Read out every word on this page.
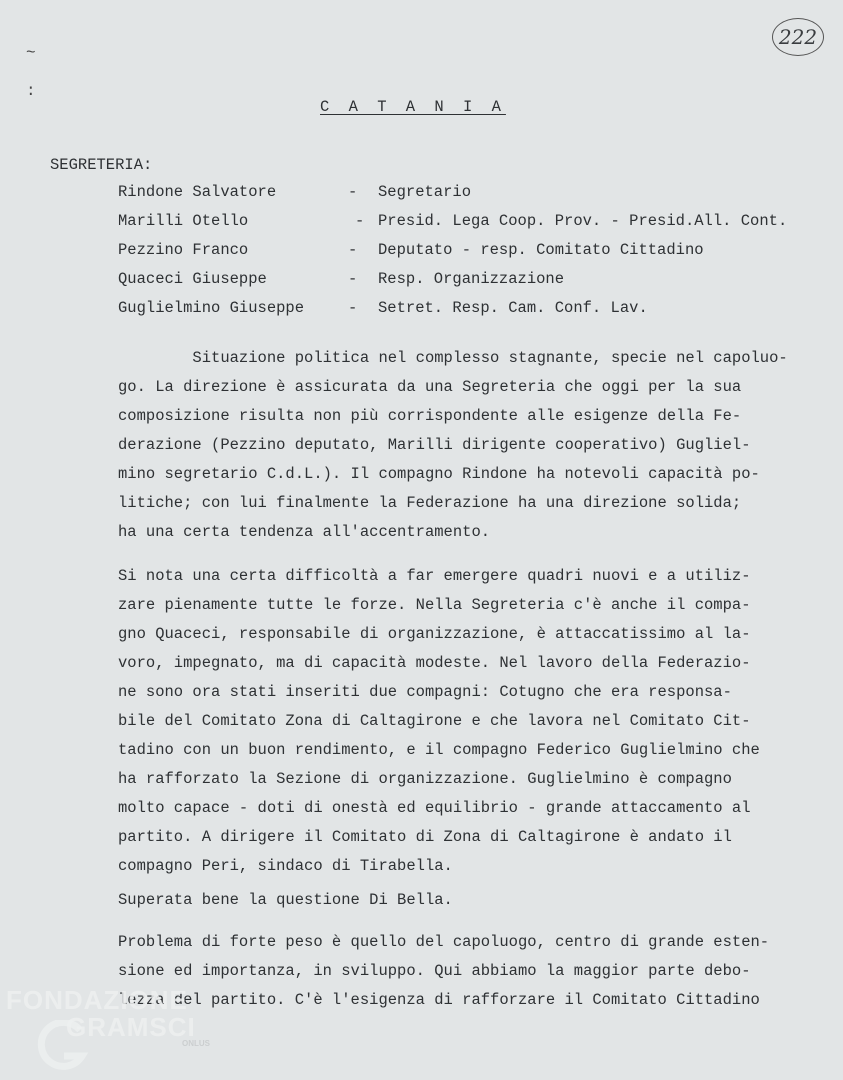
~
:
222
C A T A N I A
SEGRETERIA:
Rindone Salvatore	- Segretario
Marilli Otello	- Presid. Lega Coop. Prov. - Presid.All. Cont.
Pezzino Franco	- Deputato - resp. Comitato Cittadino
Quaceci Giuseppe	- Resp. Organizzazione
Guglielmino Giuseppe	- Setret. Resp. Cam. Conf. Lav.
Situazione politica nel complesso stagnante, specie nel capoluo-
go. La direzione è assicurata da una Segreteria che oggi per la sua
composizione risulta non più corrispondente alle esigenze della Fe-
derazione (Pezzino deputato, Marilli dirigente cooperativo) Gugliel-
mino segretario C.d.L.). Il compagno Rindone ha notevoli capacità po-
litiche; con lui finalmente la Federazione ha una direzione solida;
ha una certa tendenza all'accentramento.
Si nota una certa difficoltà a far emergere quadri nuovi e a utiliz-
zare pienamente tutte le forze. Nella Segreteria c'è anche il compa-
gno Quaceci, responsabile di organizzazione, è attaccatissimo al la-
voro, impegnato, ma di capacità modeste. Nel lavoro della Federazio-
ne sono ora stati inseriti due compagni: Cotugno che era responsa-
bile del Comitato Zona di Caltagirone e che lavora nel Comitato Cit-
tadino con un buon rendimento, e il compagno Federico Guglielmino che
ha rafforzato la Sezione di organizzazione. Guglielmino è compagno
molto capace - doti di onestà ed equilibrio - grande attaccamento al
partito. A dirigere il Comitato di Zona di Caltagirone è andato il
compagno Peri, sindaco di Tirabella.
Superata bene la questione Di Bella.
Problema di forte peso è quello del capoluogo, centro di grande esten-
sione ed importanza, in sviluppo. Qui abbiamo la maggior parte debo-
lezza del partito. C'è l'esigenza di rafforzare il Comitato Cittadino
FONDAZIONE
GRAMSCI
ONLUS
